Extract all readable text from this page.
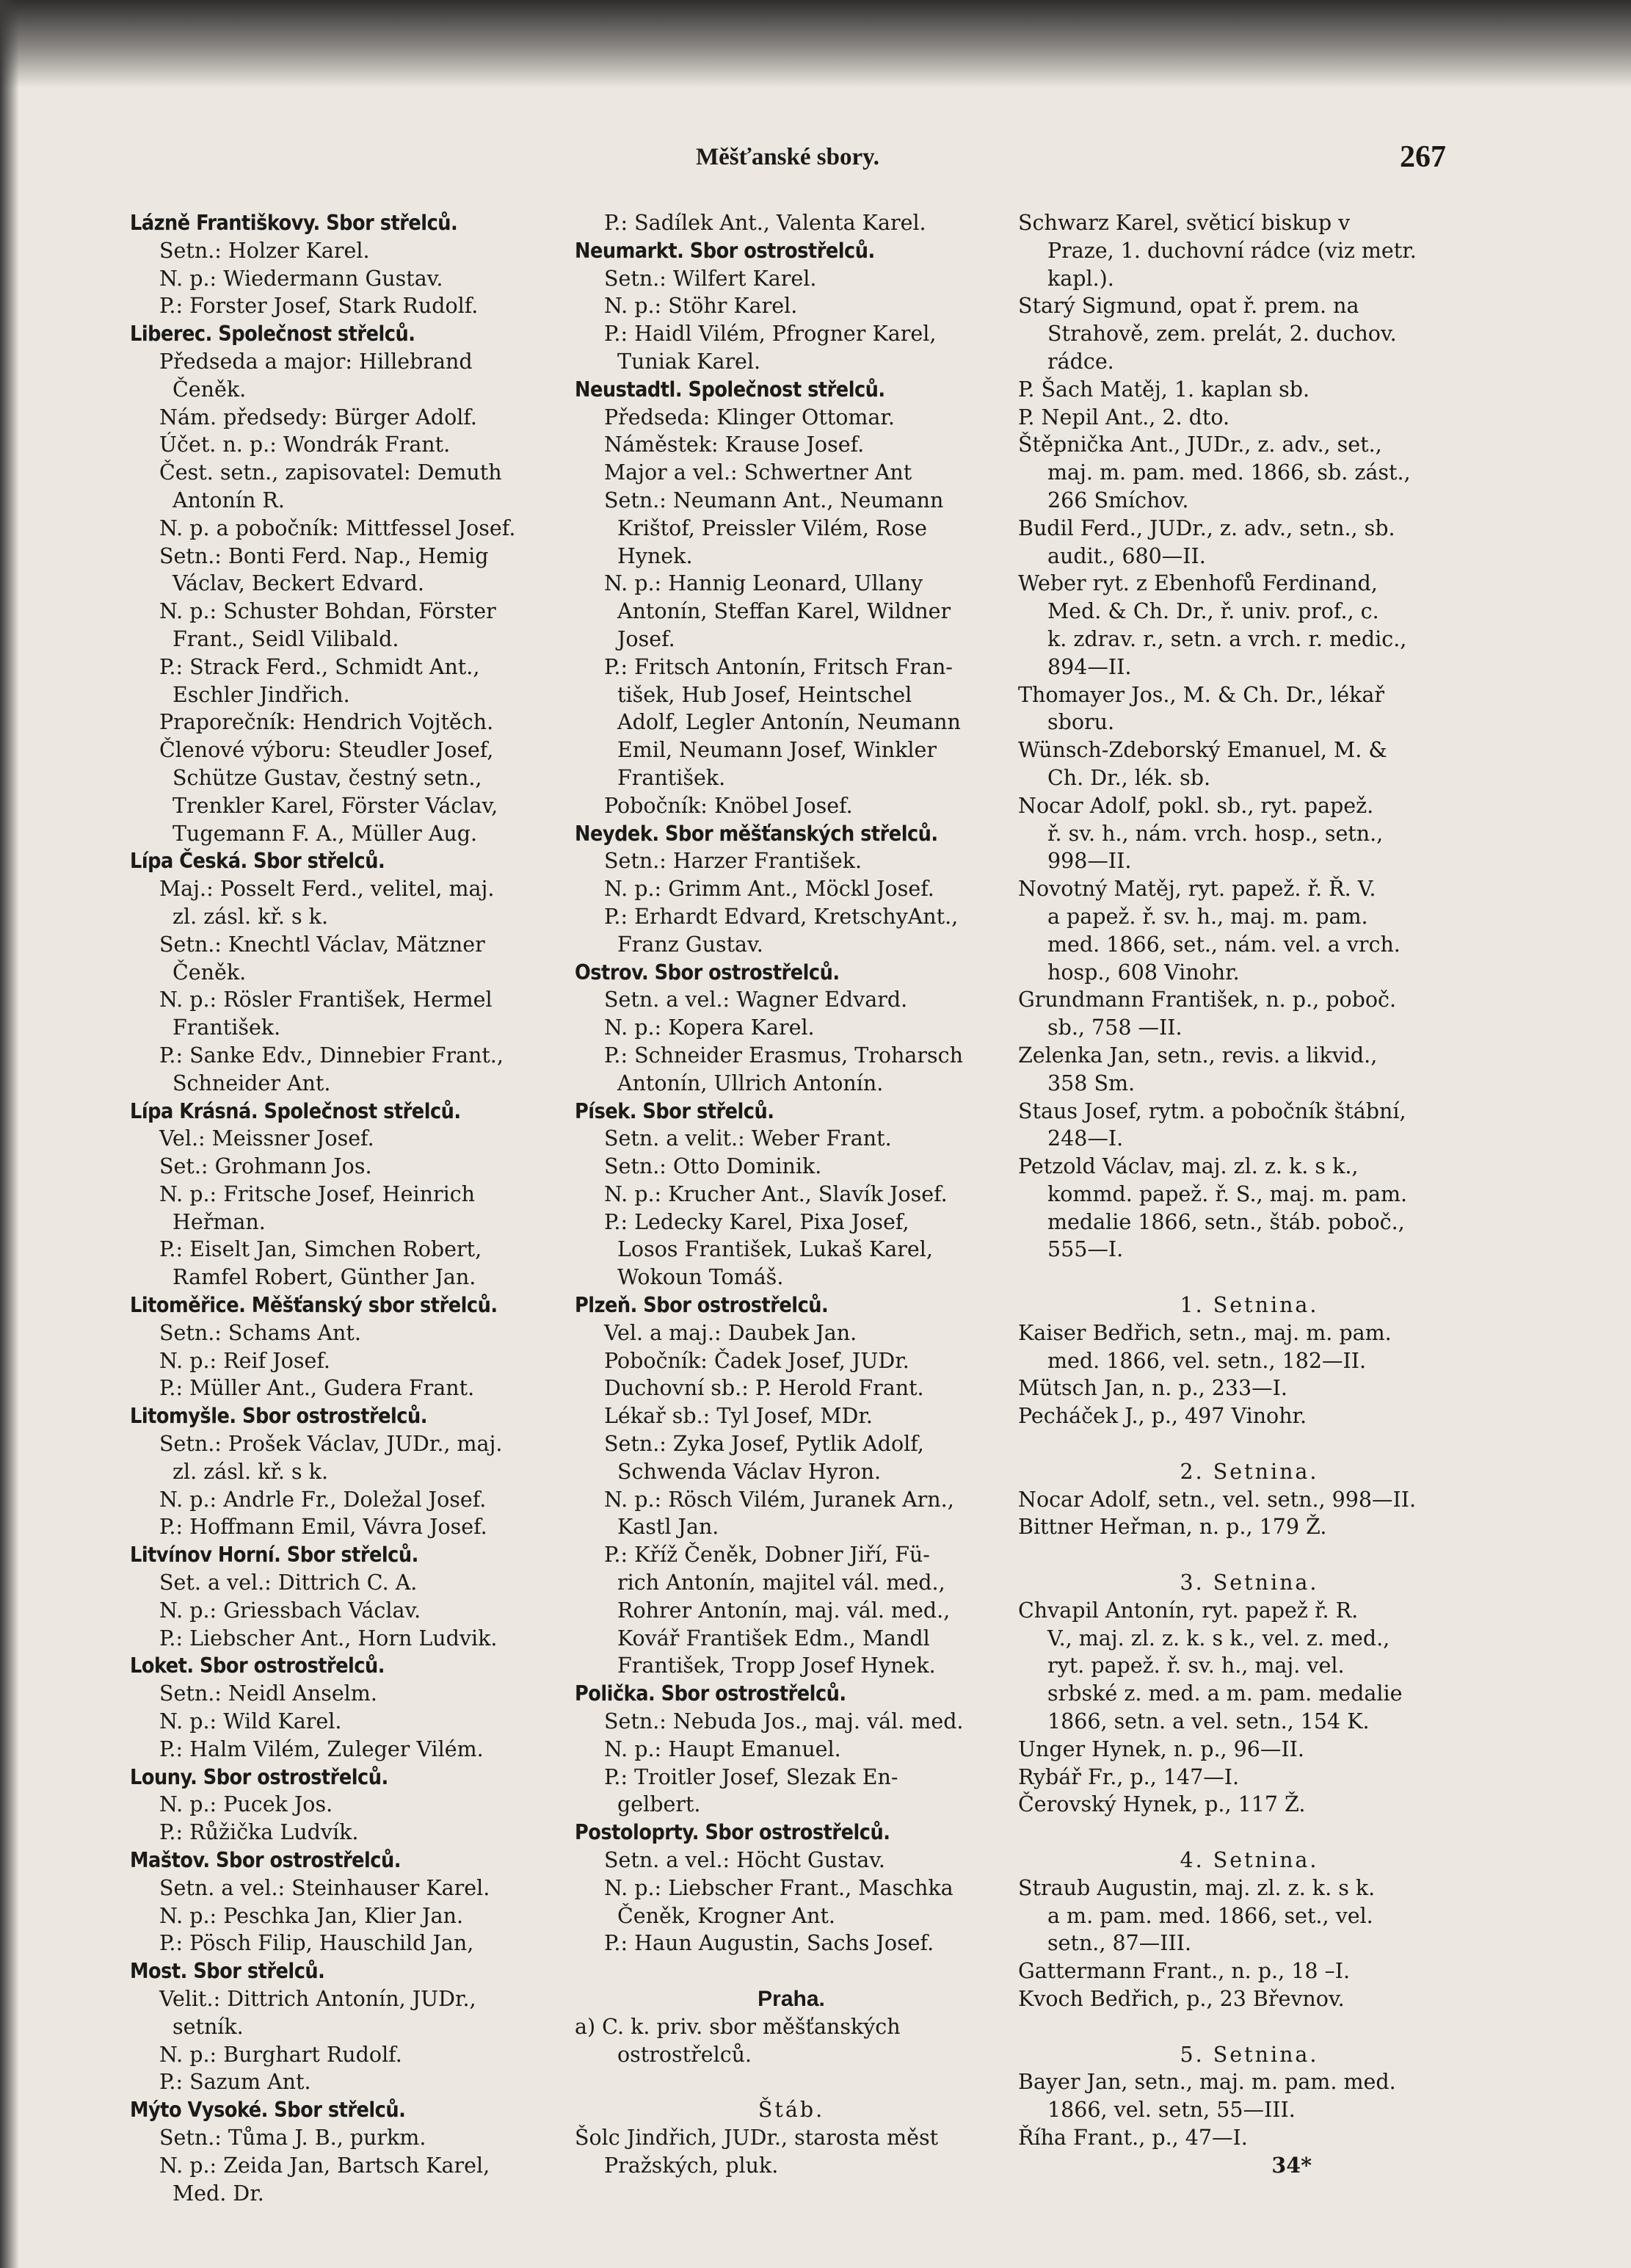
Měšťanské sbory.	267
Lázně Františkovy. Sbor střelců.
Setn.: Holzer Karel.
N. p.: Wiedermann Gustav.
P.: Forster Josef, Stark Rudolf.
Liberec. Společnost střelců.
Předseda a major: Hillebrand
Čeněk.
Nám. předsedy: Bürger Adolf.
Účet. n. p.: Wondrák Frant.
Čest. setn., zapisovatel: Demuth
Antonín R.
N. p. a pobočník: Mittfessel Josef.
Setn.: Bonti Ferd. Nap., Hemig
Václav, Beckert Edvard.
N. p.: Schuster Bohdan, Förster
Frant., Seidl Vilibald.
P.: Strack Ferd., Schmidt Ant.,
Eschler Jindřich.
Praporečník: Hendrich Vojtěch.
Členové výboru: Steudler Josef,
Schütze Gustav, čestný setn.,
Trenkler Karel, Förster Václav,
Tugemann F. A., Müller Aug.
Lípa Česká. Sbor střelců.
Maj.: Posselt Ferd., velitel, maj.
zl. zásl. kř. s k.
Setn.: Knechtl Václav, Mätzner
Čeněk.
N. p.: Rösler František, Hermel
František.
P.: Sanke Edv., Dinnebier Frant.,
Schneider Ant.
Lípa Krásná. Společnost střelců.
Vel.: Meissner Josef.
Set.: Grohmann Jos.
N. p.: Fritsche Josef, Heinrich
Heřman.
P.: Eiselt Jan, Simchen Robert,
Ramfel Robert, Günther Jan.
Litoměřice. Měšťanský sbor střelců.
Setn.: Schams Ant.
N. p.: Reif Josef.
P.: Müller Ant., Gudera Frant.
Litomyšle. Sbor ostrostřelců.
Setn.: Prošek Václav, JUDr., maj.
zl. zásl. kř. s k.
N. p.: Andrle Fr., Doležal Josef.
P.: Hoffmann Emil, Vávra Josef.
Litvínov Horní. Sbor střelců.
Set. a vel.: Dittrich C. A.
N. p.: Griessbach Václav.
P.: Liebscher Ant., Horn Ludvik.
Loket. Sbor ostrostřelců.
Setn.: Neidl Anselm.
N. p.: Wild Karel.
P.: Halm Vilém, Zuleger Vilém.
Louny. Sbor ostrostřelců.
N. p.: Pucek Jos.
P.: Růžička Ludvík.
Maštov. Sbor ostrostřelců.
Setn. a vel.: Steinhauser Karel.
N. p.: Peschka Jan, Klier Jan.
P.: Pösch Filip, Hauschild Jan,
Most. Sbor střelců.
Velit.: Dittrich Antonín, JUDr.,
setník.
N. p.: Burghart Rudolf.
P.: Sazum Ant.
Mýto Vysoké. Sbor střelců.
Setn.: Tůma J. B., purkm.
N. p.: Zeida Jan, Bartsch Karel,
Med. Dr.
P.: Sadílek Ant., Valenta Karel.
Neumarkt. Sbor ostrostřelců.
Setn.: Wilfert Karel.
N. p.: Stöhr Karel.
P.: Haidl Vilém, Pfrogner Karel,
Tuniak Karel.
Neustadtl. Společnost střelců.
Předseda: Klinger Ottomar.
Náměstek: Krause Josef.
Major a vel.: Schwertner Ant
Setn.: Neumann Ant., Neumann
Krištof, Preissler Vilém, Rose
Hynek.
N. p.: Hannig Leonard, Ullany
Antonín, Steffan Karel, Wildner
Josef.
P.: Fritsch Antonín, Fritsch Fran-
tišek, Hub Josef, Heintschel
Adolf, Legler Antonín, Neumann
Emil, Neumann Josef, Winkler
František.
Pobočník: Knöbel Josef.
Neydek. Sbor měšťanských střelců.
Setn.: Harzer František.
N. p.: Grimm Ant., Möckl Josef.
P.: Erhardt Edvard, KretschyAnt.,
Franz Gustav.
Ostrov. Sbor ostrostřelců.
Setn. a vel.: Wagner Edvard.
N. p.: Kopera Karel.
P.: Schneider Erasmus, Troharsch
Antonín, Ullrich Antonín.
Písek. Sbor střelců.
Setn. a velit.: Weber Frant.
Setn.: Otto Dominik.
N. p.: Krucher Ant., Slavík Josef.
P.: Ledecky Karel, Pixa Josef,
Losos František, Lukaš Karel,
Wokoun Tomáš.
Plzeň. Sbor ostrostřelců.
Vel. a maj.: Daubek Jan.
Pobočník: Čadek Josef, JUDr.
Duchovní sb.: P. Herold Frant.
Lékař sb.: Tyl Josef, MDr.
Setn.: Zyka Josef, Pytlik Adolf,
Schwenda Václav Hyron.
N. p.: Rösch Vilém, Juranek Arn.,
Kastl Jan.
P.: Kříž Čeněk, Dobner Jiří, Fü-
rich Antonín, majitel vál. med.,
Rohrer Antonín, maj. vál. med.,
Kovář František Edm., Mandl
František, Tropp Josef Hynek.
Polička. Sbor ostrostřelců.
Setn.: Nebuda Jos., maj. vál. med.
N. p.: Haupt Emanuel.
P.: Troitler Josef, Slezak En-
gelbert.
Postoloprty. Sbor ostrostřelců.
Setn. a vel.: Höcht Gustav.
N. p.: Liebscher Frant., Maschka
Čeněk, Krogner Ant.
P.: Haun Augustin, Sachs Josef.
Praha.
a) C. k. priv. sbor měšťanských
ostrostřelců.
Štáb.
Šolc Jindřich, JUDr., starosta měst
Pražských, pluk.
Schwarz Karel, světicí biskup v
Praze, 1. duchovní rádce (viz metr.
kapl.).
Starý Sigmund, opat ř. prem. na
Strahově, zem. prelát, 2. duchov.
rádce.
P. Šach Matěj, 1. kaplan sb.
P. Nepil Ant., 2. dto.
Štěpnička Ant., JUDr., z. adv., set.,
maj. m. pam. med. 1866, sb. zást.,
266 Smíchov.
Budil Ferd., JUDr., z. adv., setn., sb.
audit., 680—II.
Weber ryt. z Ebenhofů Ferdinand,
Med. & Ch. Dr., ř. univ. prof., c.
k. zdrav. r., setn. a vrch. r. medic.,
894—II.
Thomayer Jos., M. & Ch. Dr., lékař
sboru.
Wünsch-Zdeborský Emanuel, M. &
Ch. Dr., lék. sb.
Nocar Adolf, pokl. sb., ryt. papež.
ř. sv. h., nám. vrch. hosp., setn.,
998—II.
Novotný Matěj, ryt. papež. ř. Ř. V.
a papež. ř. sv. h., maj. m. pam.
med. 1866, set., nám. vel. a vrch.
hosp., 608 Vinohr.
Grundmann František, n. p., poboč.
sb., 758 —II.
Zelenka Jan, setn., revis. a likvid.,
358 Sm.
Staus Josef, rytm. a pobočník štábní,
248—I.
Petzold Václav, maj. zl. z. k. s k.,
kommd. papež. ř. S., maj. m. pam.
medalie 1866, setn., štáb. poboč.,
555—I.
1. Setnina.
Kaiser Bedřich, setn., maj. m. pam.
med. 1866, vel. setn., 182—II.
Mütsch Jan, n. p., 233—I.
Pecháček J., p., 497 Vinohr.
2. Setnina.
Nocar Adolf, setn., vel. setn., 998—II.
Bittner Heřman, n. p., 179 Ž.
3. Setnina.
Chvapil Antonín, ryt. papež ř. R.
V., maj. zl. z. k. s k., vel. z. med.,
ryt. papež. ř. sv. h., maj. vel.
srbské z. med. a m. pam. medalie
1866, setn. a vel. setn., 154 K.
Unger Hynek, n. p., 96—II.
Rybář Fr., p., 147—I.
Čerovský Hynek, p., 117 Ž.
4. Setnina.
Straub Augustin, maj. zl. z. k. s k.
a m. pam. med. 1866, set., vel.
setn., 87—III.
Gattermann Frant., n. p., 18 –I.
Kvoch Bedřich, p., 23 Břevnov.
5. Setnina.
Bayer Jan, setn., maj. m. pam. med.
1866, vel. setn, 55—III.
Říha Frant., p., 47—I.
34*
